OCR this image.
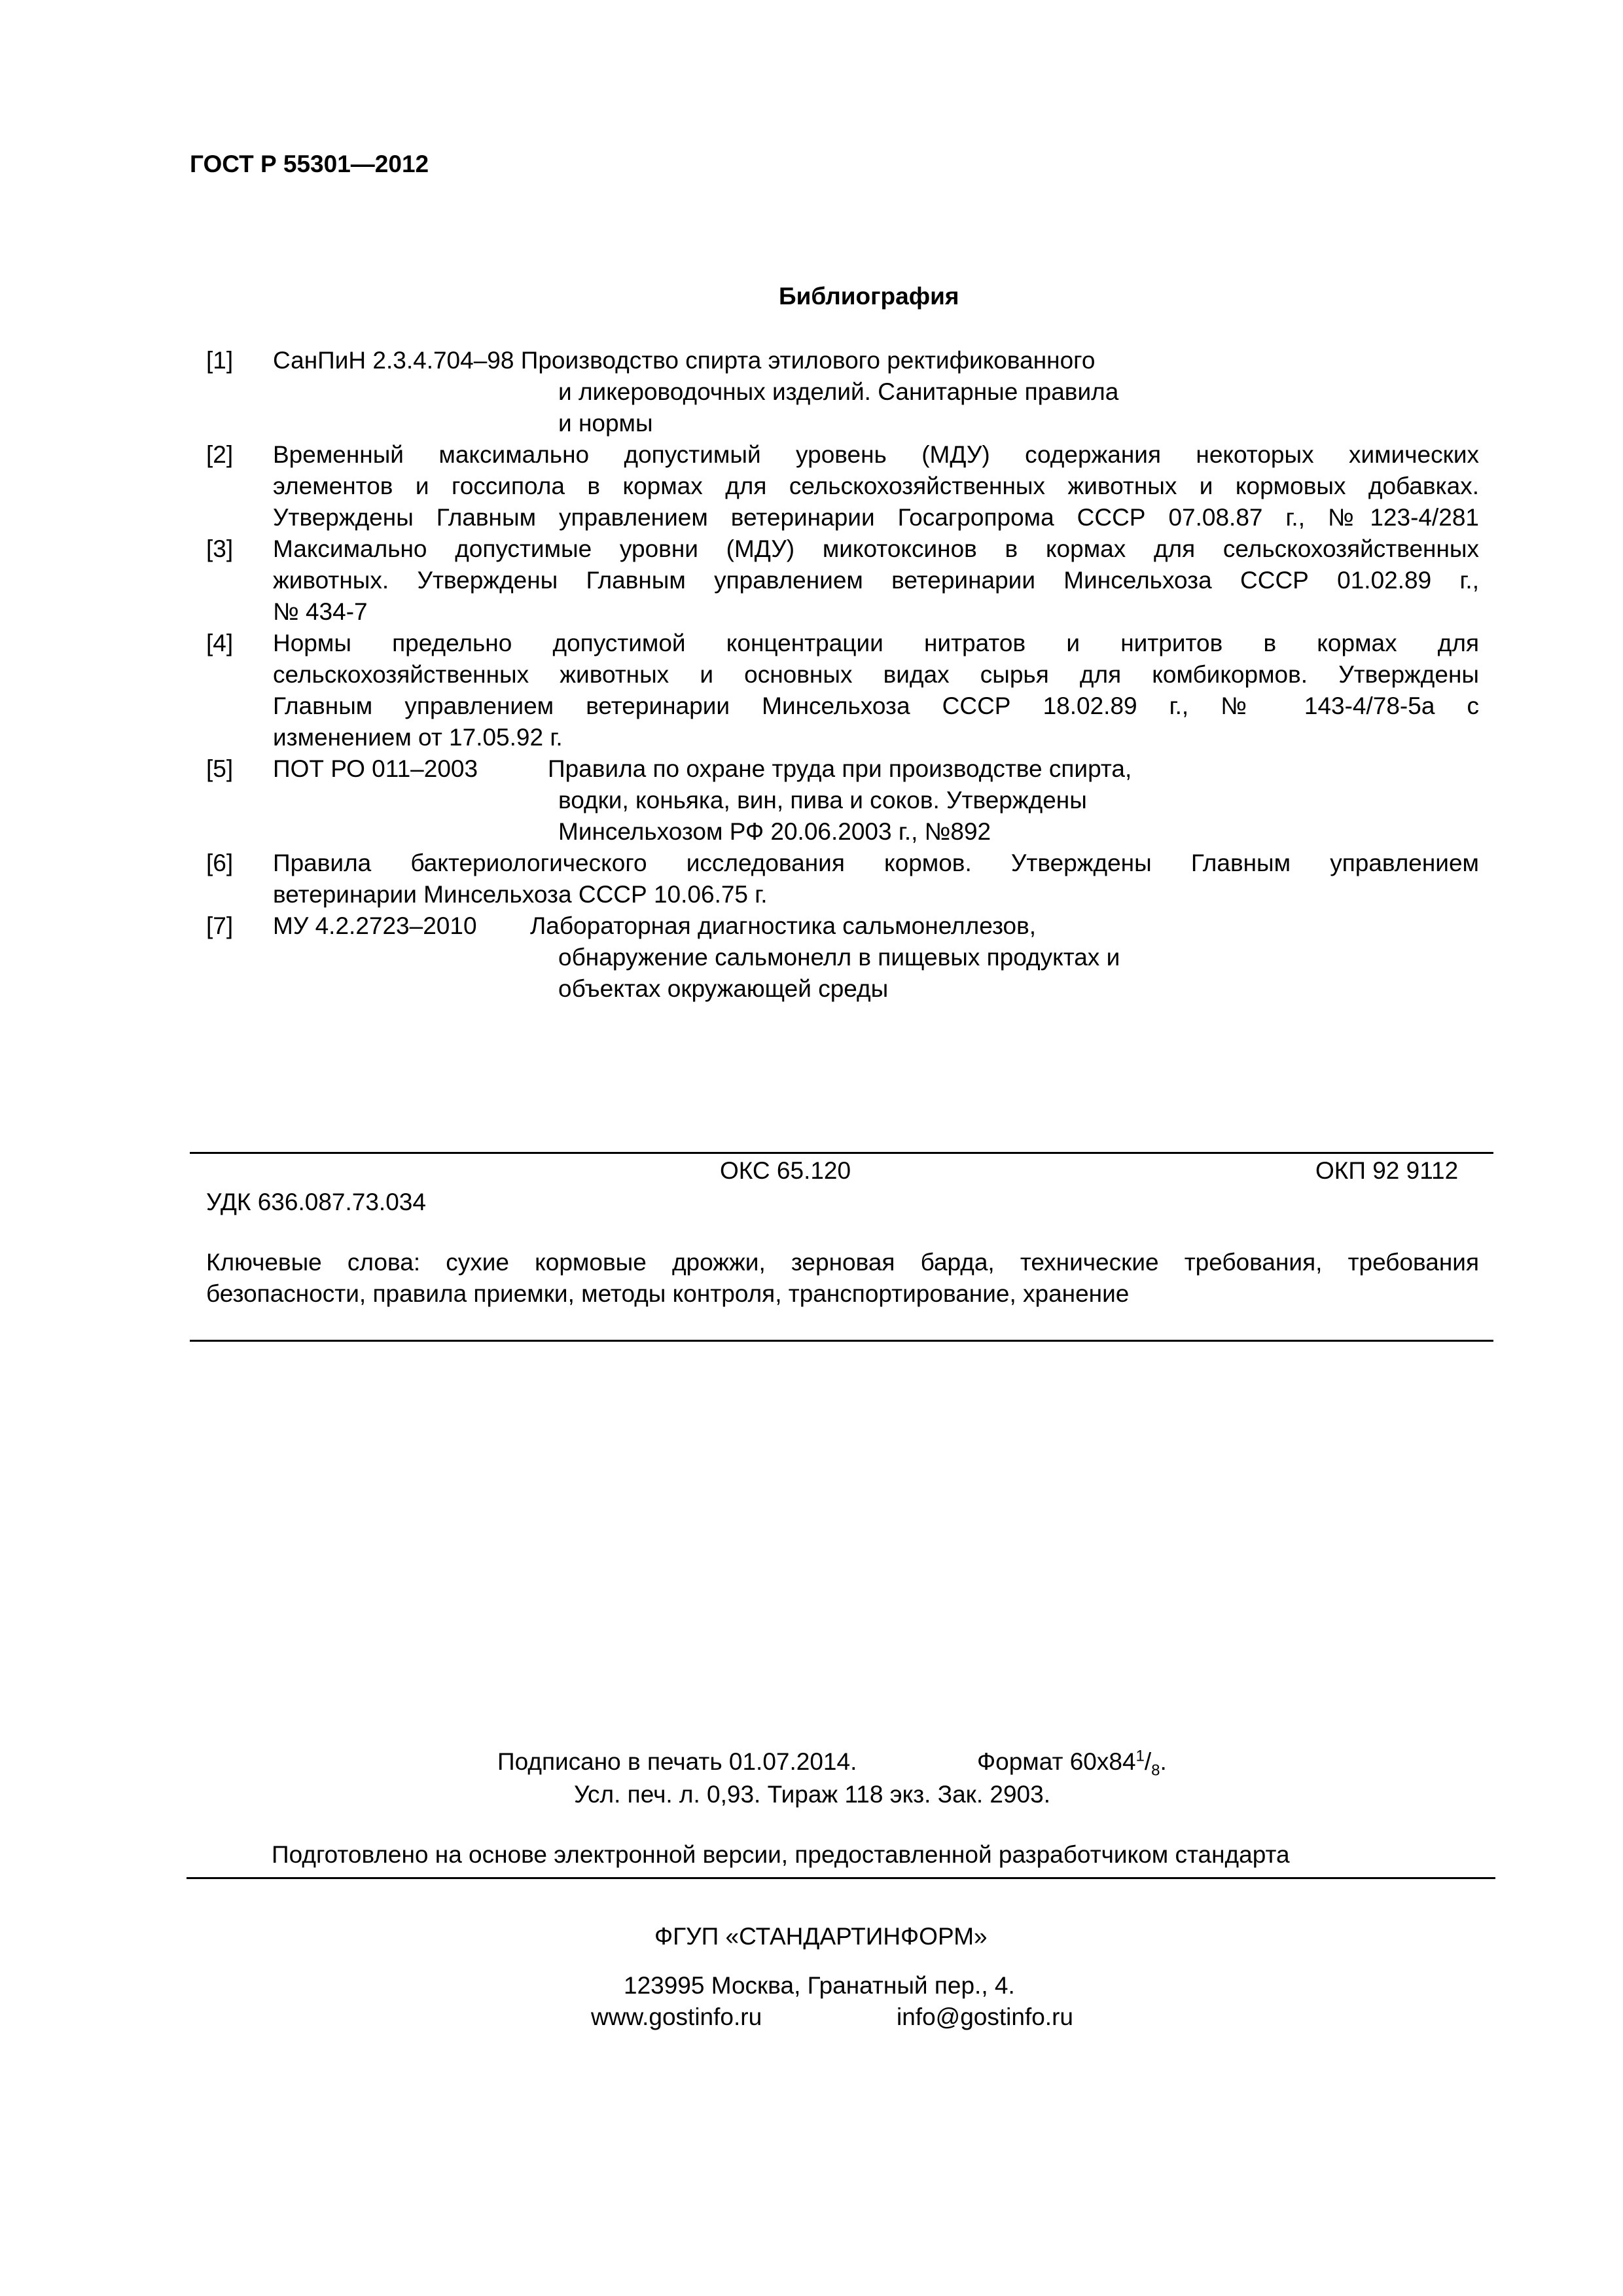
ГОСТ Р 55301—2012
Библиография
[1] СанПиН 2.3.4.704–98 Производство спирта этилового ректификованного
и ликероводочных изделий. Санитарные правила
и нормы
[2] Временный максимально допустимый уровень (МДУ) содержания некоторых химических
элементов и госсипола в кормах для сельскохозяйственных животных и кормовых добавках.
Утверждены Главным управлением ветеринарии Госагропрома СССР 07.08.87 г., №123-4/281
[3] Максимально допустимые уровни (МДУ) микотоксинов в кормах для сельскохозяйственных
животных. Утверждены Главным управлением ветеринарии Минсельхоза СССР 01.02.89 г.,
№ 434-7
[4] Нормы предельно допустимой концентрации нитратов и нитритов в кормах для
сельскохозяйственных животных и основных видах сырья для комбикормов. Утверждены
Главным управлением ветеринарии Минсельхоза СССР 18.02.89 г., № 143-4/78-5а с
изменением от 17.05.92 г.
[5] ПОТ РО 011–2003	Правила по охране труда при производстве спирта,
водки, коньяка, вин, пива и соков. Утверждены
Минсельхозом РФ 20.06.2003 г., №892
[6] Правила бактериологического исследования кормов. Утверждены Главным управлением
ветеринарии Минсельхоза СССР 10.06.75 г.
[7] МУ 4.2.2723–2010 Лабораторная диагностика сальмонеллезов,
обнаружение сальмонелл в пищевых продуктах и
объектах окружающей среды
ОКС 65.120	ОКП 92 9112
УДК 636.087.73.034
Ключевые слова: сухие кормовые дрожжи, зерновая барда, технические требования, требования
безопасности, правила приемки, методы контроля, транспортирование, хранение
Подписано в печать 01.07.2014.	Формат $60х84^1/_8$.
Усл. печ. л. 0,93. Тираж 118 экз. Зак. 2903.
Подготовлено на основе электронной версии, предоставленной разработчиком стандарта
ФГУП «СТАНДАРТИНФОРМ»
123995 Москва, Гранатный пер., 4.
www.gostinfo.ru	info@gostinfo.ru
